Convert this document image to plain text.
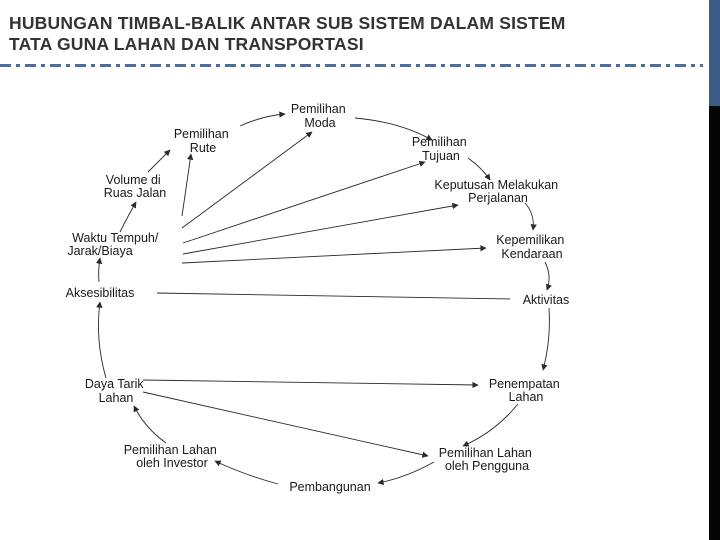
HUBUNGAN TIMBAL-BALIK ANTAR SUB SISTEM DALAM SISTEM
TATA GUNA LAHAN DAN TRANSPORTASI
Pemilihan Moda
Pemilihan Tujuan
Keputusan Melakukan Perjalanan
Kepemilikan Kendaraan
Aktivitas
Penempatan Lahan
Pemilihan Lahan oleh Pengguna
Pembangunan
Pemilihan Lahan oleh Investor
Daya Tarik Lahan
Aksesibilitas
Waktu Tempuh/ Jarak/Biaya
Volume di Ruas Jalan
Pemilihan Rute
